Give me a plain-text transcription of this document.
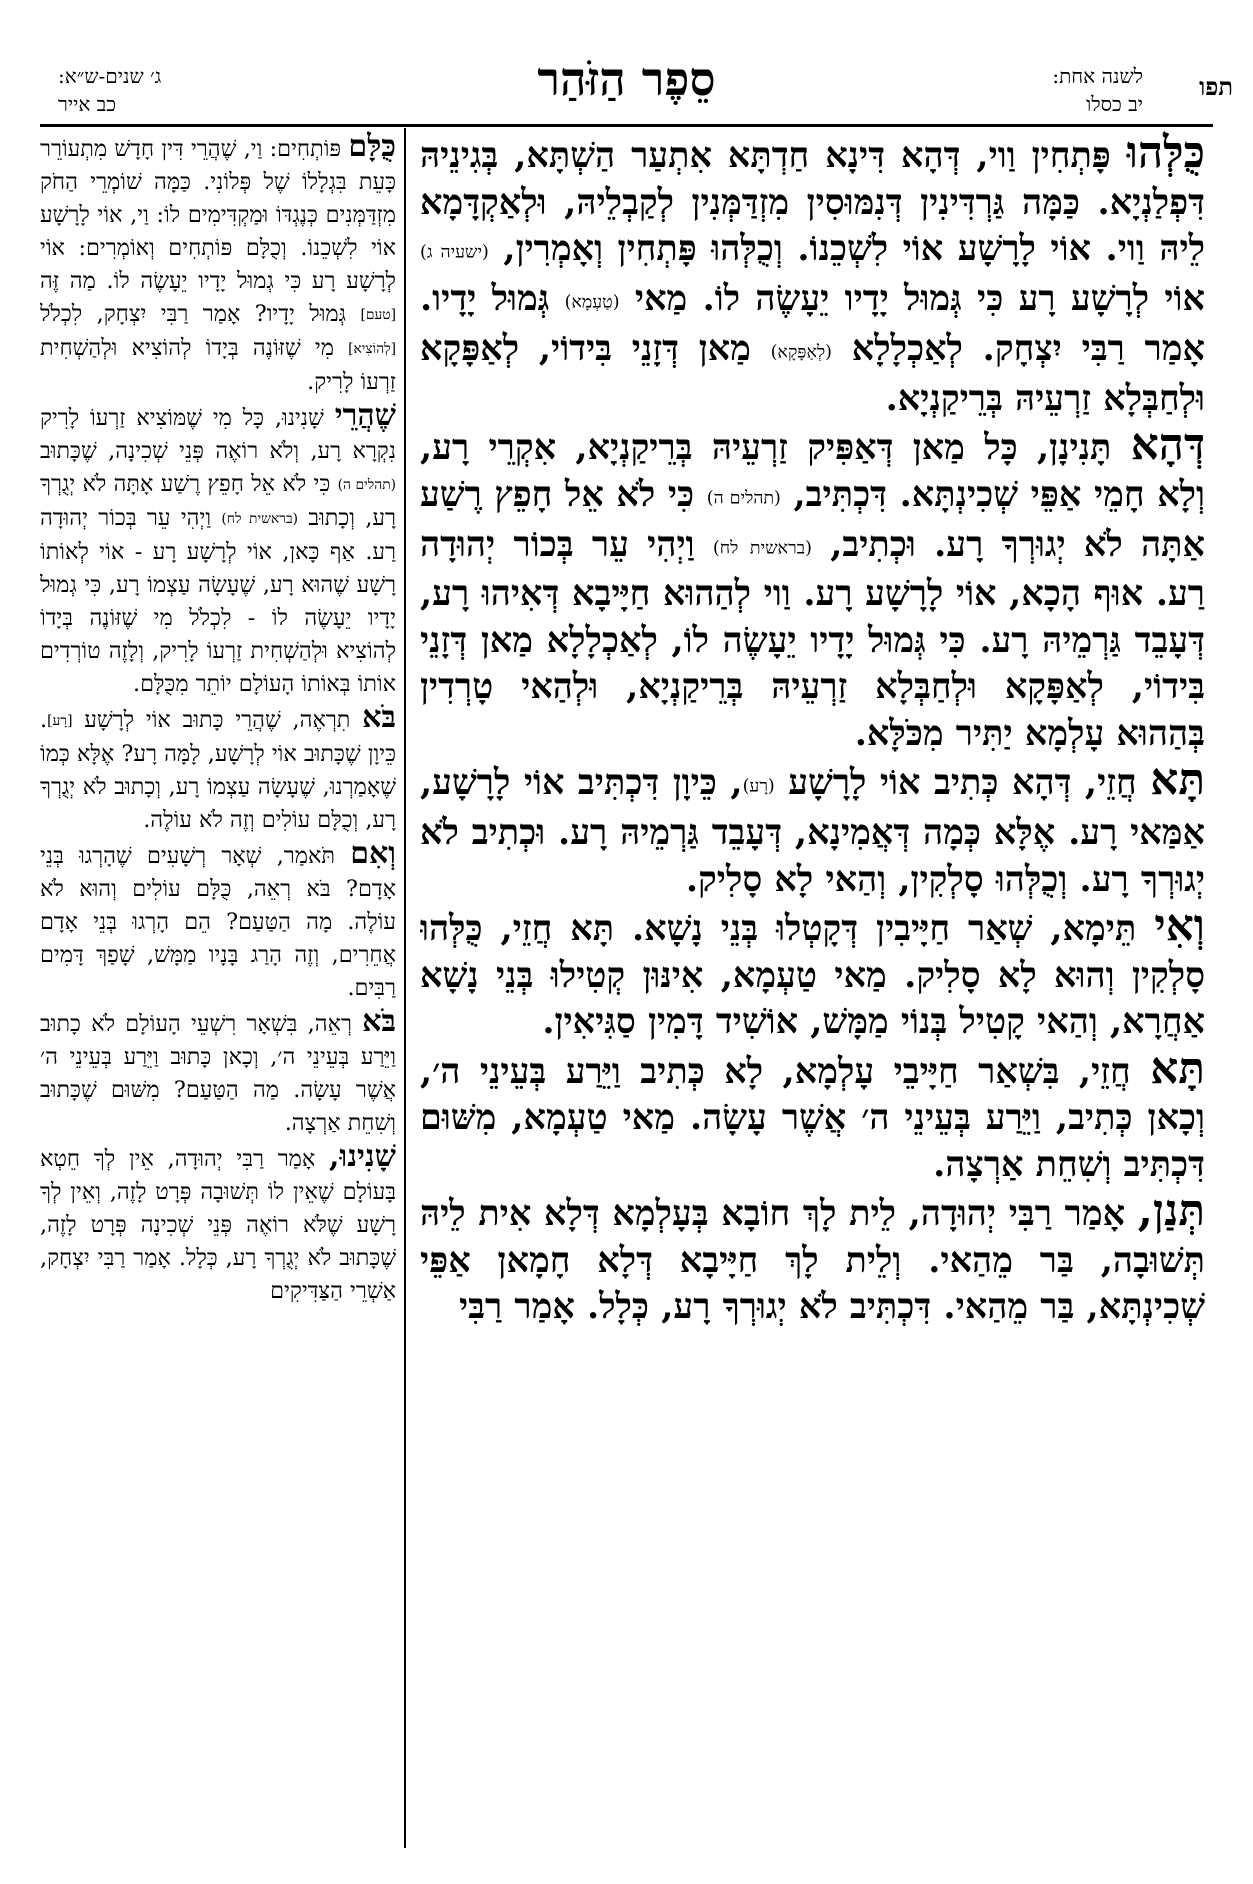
תפו
לשנה אחת:
יב כסלו
סֵפֶר הַזֹּהַר
ג׳ שנים-ש״א:
כב אייר

כֻּלְּהוּ פָּתְחִין וַוי, דְּהָא דִּינָא חַדְתָּא אִתְעַר הַשְׁתָּא, בְּגִינֵיהּ דִּפְלַנְיָא. כַּמָּה גַּרְדִּינִין דְּנִמּוּסִין מִזְדַּמְּנִין לְקַבְלֵיהּ, וּלְאַקְדָּמָא לֵיהּ וַוי. אוֹי לָרָשָׁע אוֹי לִשְׁכֵנוֹ. וְכֻלְּהוּ פָּתְחִין וְאָמְרִין, (ישעיה ג) אוֹי לְרָשָׁע רָע כִּי גְּמוּל יָדָיו יֵעָשֶׂה לוֹ. מַאי (טַעְמָא) גְּמוּל יָדָיו. אָמַר רַבִּי יִצְחָק. לְאַכְלָלָא (לְאַפָּקָא) מַאן דְּזָנֵי בִּידוֹי, לְאַפָּקָא וּלְחַבְּלָא זַרְעֵיהּ בְּרֵיקַנְיָא.

דְּהָא תָּנִינָן, כָּל מַאן דְּאַפִּיק זַרְעֵיהּ בְּרֵיקַנְיָא, אִקְרֵי רָע, וְלָא חָמֵי אַפֵּי שְׁכִינְתָּא. דִּכְתִּיב, (תהלים ה) כִּי לֹא אֵל חָפֵץ רֶשַׁע אַתָּה לֹא יְגוּרְךָ רָע. וּכְתִיב, (בראשית לח) וַיְהִי עֵר בְּכוֹר יְהוּדָה רַע. אוּף הָכָא, אוֹי לָרָשָׁע רָע. וַוי לְהַהוּא חַיָּיבָא דְּאִיהוּ רָע, דְּעָבֵד גַּרְמֵיהּ רָע. כִּי גְּמוּל יָדָיו יֵעָשֶׂה לוֹ, לְאַכְלָלָא מַאן דְּזָנֵי בִּידוֹי, לְאַפָּקָא וּלְחַבְּלָא זַרְעֵיהּ בְּרֵיקַנְיָא, וּלְהַאי טָרְדִין בְּהַהוּא עָלְמָא יַתִּיר מִכֹּלָּא.

תָּא חֲזֵי, דְּהָא כְּתִיב אוֹי לָרָשָׁע (רָע), כֵּיוָן דִּכְתִּיב אוֹי לָרָשָׁע, אַמַּאי רָע. אֶלָּא כְּמָה דְּאֲמִינָא, דְּעָבֵד גַּרְמֵיהּ רָע. וּכְתִיב לֹא יְגוּרְךָ רָע. וְכֻלְּהוּ סָלְקִין, וְהַאי לָא סָלִיק.

וְאִי תֵּימָא, שְׁאַר חַיָּיבִין דְּקָטְלוּ בְּנֵי נָשָׁא. תָּא חֲזֵי, כֻּלְּהוּ סָלְקִין וְהוּא לָא סָלִיק. מַאי טַעְמָא, אִינּוּן קְטִילוּ בְּנֵי נָשָׁא אַחֲרָא, וְהַאי קָטִיל בְּנוֹי מַמָּשׁ, אוֹשִׁיד דָּמִין סַגִּיאִין.

תָּא חֲזֵי, בִּשְׁאַר חַיָּיבֵי עָלְמָא, לָא כְּתִיב וַיֵּרַע בְּעֵינֵי ה׳, וְכָאן כְּתִיב, וַיֵּרַע בְּעֵינֵי ה׳ אֲשֶׁר עָשָׂה. מַאי טַעְמָא, מִשּׁוּם דִּכְתִּיב וְשִׁחֵת אַרְצָה.

תְּנַן, אָמַר רַבִּי יְהוּדָה, לֵית לָךְ חוֹבָא בְּעָלְמָא דְּלָא אִית לֵיהּ תְּשׁוּבָה, בַּר מֵהַאי. וְלֵית לָךְ חַיָּיבָא דְּלָא חָמָאן אַפֵּי שְׁכִינְתָּא, בַּר מֵהַאי. דִּכְתִּיב לֹא יְגוּרְךָ רָע, כְּלָל. אָמַר רַבִּי

כֻּלָּם פּוֹתְחִים: וַי, שֶׁהֲרֵי דִּין חָדָשׁ מִתְעוֹרֵר כָּעֵת בִּגְלָלוֹ שֶׁל פְּלוֹנִי. כַּמָּה שׁוֹמְרֵי הַחֹק מִזְדַּמְּנִים כְּנֶגְדּוֹ וּמַקְדִּימִים לוֹ: וַי, אוֹי לָרָשָׁע אוֹי לִשְׁכֵנוֹ. וְכֻלָּם פּוֹתְחִים וְאוֹמְרִים: אוֹי לְרָשָׁע רָע כִּי גְמוּל יָדָיו יֵעָשֶׂה לוֹ. מַה זֶּה [טעם] גְּמוּל יָדָיו? אָמַר רַבִּי יִצְחָק, לִכְלֹל [לְהוֹצִיא] מִי שֶׁזּוֹנֶה בְּיָדוֹ לְהוֹצִיא וּלְהַשְׁחִית זַרְעוֹ לָרִיק.

שֶׁהֲרֵי שָׁנִינוּ, כָּל מִי שֶׁמּוֹצִיא זַרְעוֹ לָרִיק נִקְרָא רָע, וְלֹא רוֹאֶה פְּנֵי שְׁכִינָה, שֶׁכָּתוּב (תהלים ה) כִּי לֹא אֵל חָפֵץ רֶשַׁע אָתָּה לֹא יְגֻרְךָ רָע, וְכָתוּב (בראשית לח) וַיְהִי עֵר בְּכוֹר יְהוּדָה רַע. אַף כָּאן, אוֹי לְרָשָׁע רָע - אוֹי לְאוֹתוֹ רָשָׁע שֶׁהוּא רָע, שֶׁעָשָׂה עַצְמוֹ רָע, כִּי גְמוּל יָדָיו יֵעָשֶׂה לוֹ - לִכְלֹל מִי שֶׁזּוֹנֶה בְּיָדוֹ לְהוֹצִיא וּלְהַשְׁחִית זַרְעוֹ לָרִיק, וְלָזֶה טוֹרְדִים אוֹתוֹ בְּאוֹתוֹ הָעוֹלָם יוֹתֵר מִכֻּלָּם.

בֹּא תִרְאֶה, שֶׁהֲרֵי כָּתוּב אוֹי לְרָשָׁע [רָע]. כֵּיוָן שֶׁכָּתוּב אוֹי לְרָשָׁע, לָמָּה רָע? אֶלָּא כְּמוֹ שֶׁאָמַרְנוּ, שֶׁעָשָׂה עַצְמוֹ רָע, וְכָתוּב לֹא יְגֻרְךָ רָע, וְכֻלָּם עוֹלִים וְזֶה לֹא עוֹלֶה.

וְאִם תֹּאמַר, שְׁאָר רְשָׁעִים שֶׁהָרְגוּ בְּנֵי אָדָם? בֹּא רְאֵה, כֻּלָּם עוֹלִים וְהוּא לֹא עוֹלֶה. מָה הַטַּעַם? הֵם הָרְגוּ בְּנֵי אָדָם אֲחֵרִים, וְזֶה הָרַג בָּנָיו מַמָּשׁ, שָׁפַךְ דָּמִים רַבִּים.

בֹּא רְאֵה, בִּשְׁאָר רִשְׁעֵי הָעוֹלָם לֹא כָתוּב וַיֵּרַע בְּעֵינֵי ה׳, וְכָאן כָּתוּב וַיֵּרַע בְּעֵינֵי ה׳ אֲשֶׁר עָשָׂה. מַה הַטַּעַם? מִשּׁוּם שֶׁכָּתוּב וְשִׁחֵת אַרְצָה.

שָׁנִינוּ, אָמַר רַבִּי יְהוּדָה, אֵין לְךָ חֵטְא בָּעוֹלָם שֶׁאֵין לוֹ תְּשׁוּבָה פְּרָט לָזֶה, וְאֵין לְךָ רָשָׁע שֶׁלֹּא רוֹאֶה פְּנֵי שְׁכִינָה פְּרָט לָזֶה, שֶׁכָּתוּב לֹא יְגֻרְךָ רָע, כְּלָל. אָמַר רַבִּי יִצְחָק, אַשְׁרֵי הַצַּדִּיקִים
